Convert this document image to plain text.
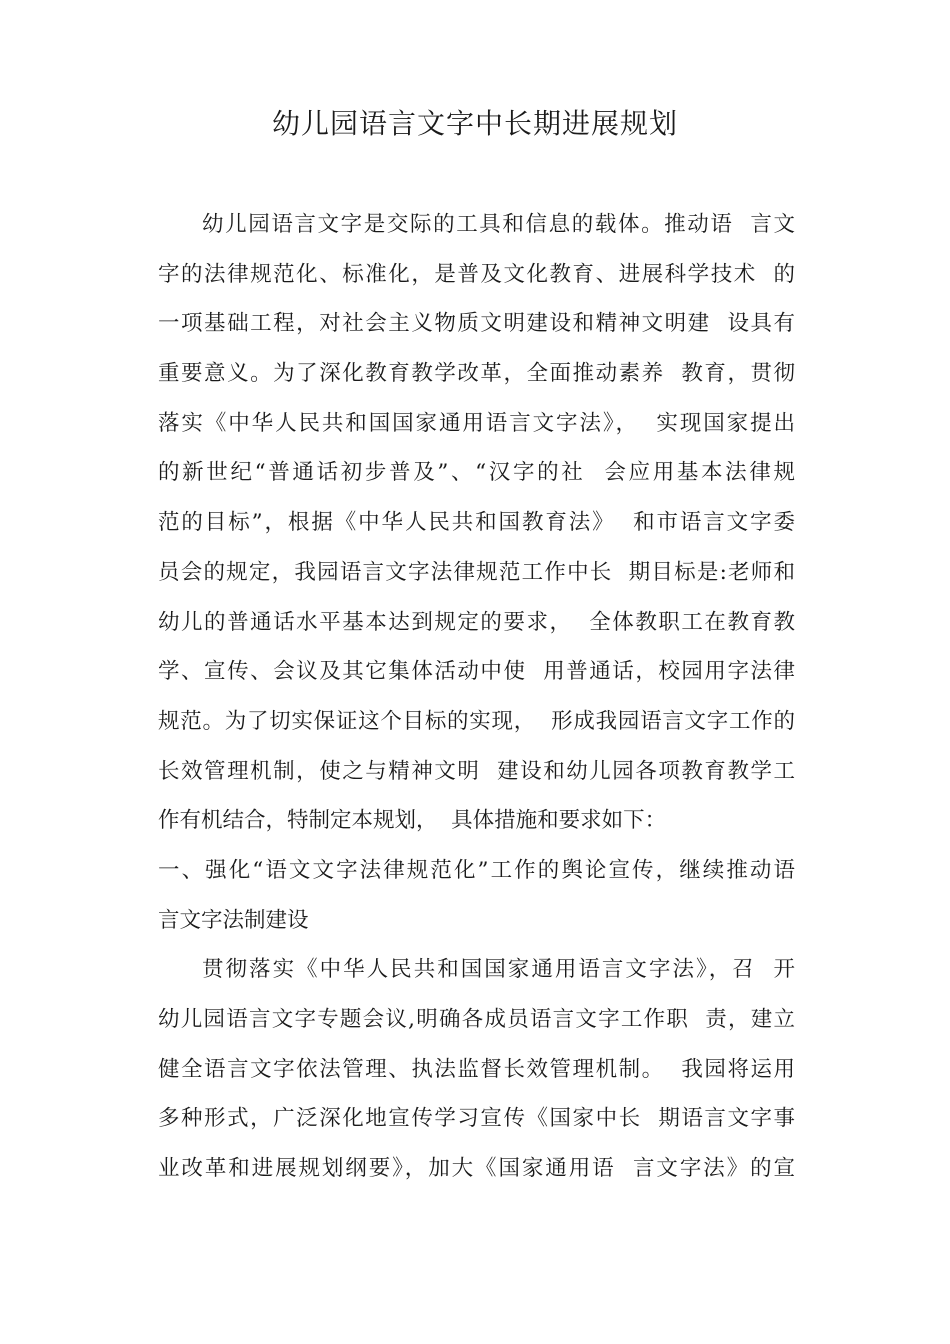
幼儿园语言文字中长期进展规划
幼儿园语言文字是交际的工具和信息的载体。推动语  言文
字的法律规范化、标准化，是普及文化教育、进展科学技术  的
一项基础工程，对社会主义物质文明建设和精神文明建  设具有
重要意义。为了深化教育教学改革，全面推动素养  教育，贯彻
落实《中华人民共和国国家通用语言文字法》，  实现国家提出
的新世纪“普通话初步普及”、“汉字的社  会应用基本法律规
范的目标”，根据《中华人民共和国教育法》  和市语言文字委
员会的规定，我园语言文字法律规范工作中长  期目标是:老师和
幼儿的普通话水平基本达到规定的要求，  全体教职工在教育教
学、宣传、会议及其它集体活动中使  用普通话，校园用字法律
规范。为了切实保证这个目标的实现，  形成我园语言文字工作的
长效管理机制，使之与精神文明  建设和幼儿园各项教育教学工
作有机结合，特制定本规划，  具体措施和要求如下：
一、强化“语文文字法律规范化”工作的舆论宣传，继续推动语
言文字法制建设
贯彻落实《中华人民共和国国家通用语言文字法》，召  开
幼儿园语言文字专题会议,明确各成员语言文字工作职  责，建立
健全语言文字依法管理、执法监督长效管理机制。  我园将运用
多种形式，广泛深化地宣传学习宣传《国家中长  期语言文字事
业改革和进展规划纲要》，加大《国家通用语  言文字法》的宣
